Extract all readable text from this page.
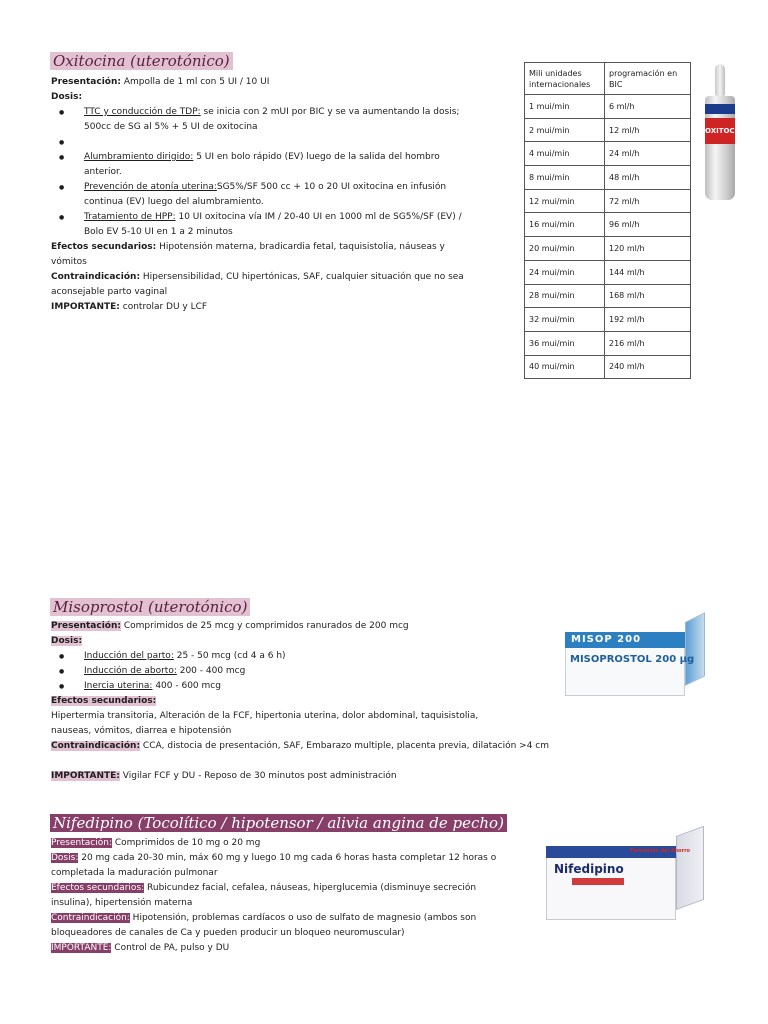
Oxitocina (uterotónico)
Presentación: Ampolla de 1 ml con 5 UI / 10 UI
Dosis:
● TTC y conducción de TDP: se inicia con 2 mUI por BIC y se va aumentando la dosis;
500cc de SG al 5% + 5 UI de oxitocina
●

● Alumbramiento dirigido: 5 UI en bolo rápido (EV) luego de la salida del hombro
anterior.
● Prevención de atonía uterina:SG5%/SF 500 cc + 10 o 20 UI oxitocina en infusión
continua (EV) luego del alumbramiento.
● Tratamiento de HPP: 10 UI oxitocina vía IM / 20-40 UI en 1000 ml de SG5%/SF (EV) /
Bolo EV 5-10 UI en 1 a 2 minutos
Efectos secundarios: Hipotensión materna, bradicardia fetal, taquisistolia, náuseas y
vómitos
Contraindicación: Hipersensibilidad, CU hipertónicas, SAF, cualquier situación que no sea
aconsejable parto vaginal
IMPORTANTE: controlar DU y LCF
Mili unidades internacionales	programación en BIC
1 mui/min	6 ml/h
2 mui/min	12 ml/h
4 mui/min	24 ml/h
8 mui/min	48 ml/h
12 mui/min	72 ml/h
16 mui/min	96 ml/h
20 mui/min	120 ml/h
24 mui/min	144 ml/h
28 mui/min	168 ml/h
32 mui/min	192 ml/h
36 mui/min	216 ml/h
40 mui/min	240 ml/h
OXITOC
Misoprostol (uterotónico)
Presentación: Comprimidos de 25 mcg y comprimidos ranurados de 200 mcg
Dosis:
● Inducción del parto: 25 - 50 mcg (cd 4 a 6 h)
● Inducción de aborto: 200 - 400 mcg
● Inercia uterina: 400 - 600 mcg
Efectos secundarios:
Hipertermia transitoria, Alteración de la FCF, hipertonia uterina, dolor abdominal, taquisistolia,
nauseas, vómitos, diarrea e hipotensión
Contraindicación: CCA, distocia de presentación, SAF, Embarazo multiple, placenta previa, dilatación >4 cm

IMPORTANTE: Vigilar FCF y DU - Reposo de 30 minutos post administración
MISOP 200
MISOPROSTOL 200 µg
Nifedipino (Tocolítico / hipotensor / alivia angina de pecho)
Presentación: Comprimidos de 10 mg o 20 mg
Dosis: 20 mg cada 20-30 min, máx 60 mg y luego 10 mg cada 6 horas hasta completar 12 horas o
completada la maduración pulmonar
Efectos secundarios: Rubicundez facial, cefalea, náuseas, hiperglucemia (disminuye secreción
insulina), hipertensión materna
Contraindicación: Hipotensión, problemas cardíacos o uso de sulfato de magnesio (ambos son
bloqueadores de canales de Ca y pueden producir un bloqueo neuromuscular)
IMPORTANTE: Control de PA, pulso y DU
Nifedipino
Farmacias del Ahorro
